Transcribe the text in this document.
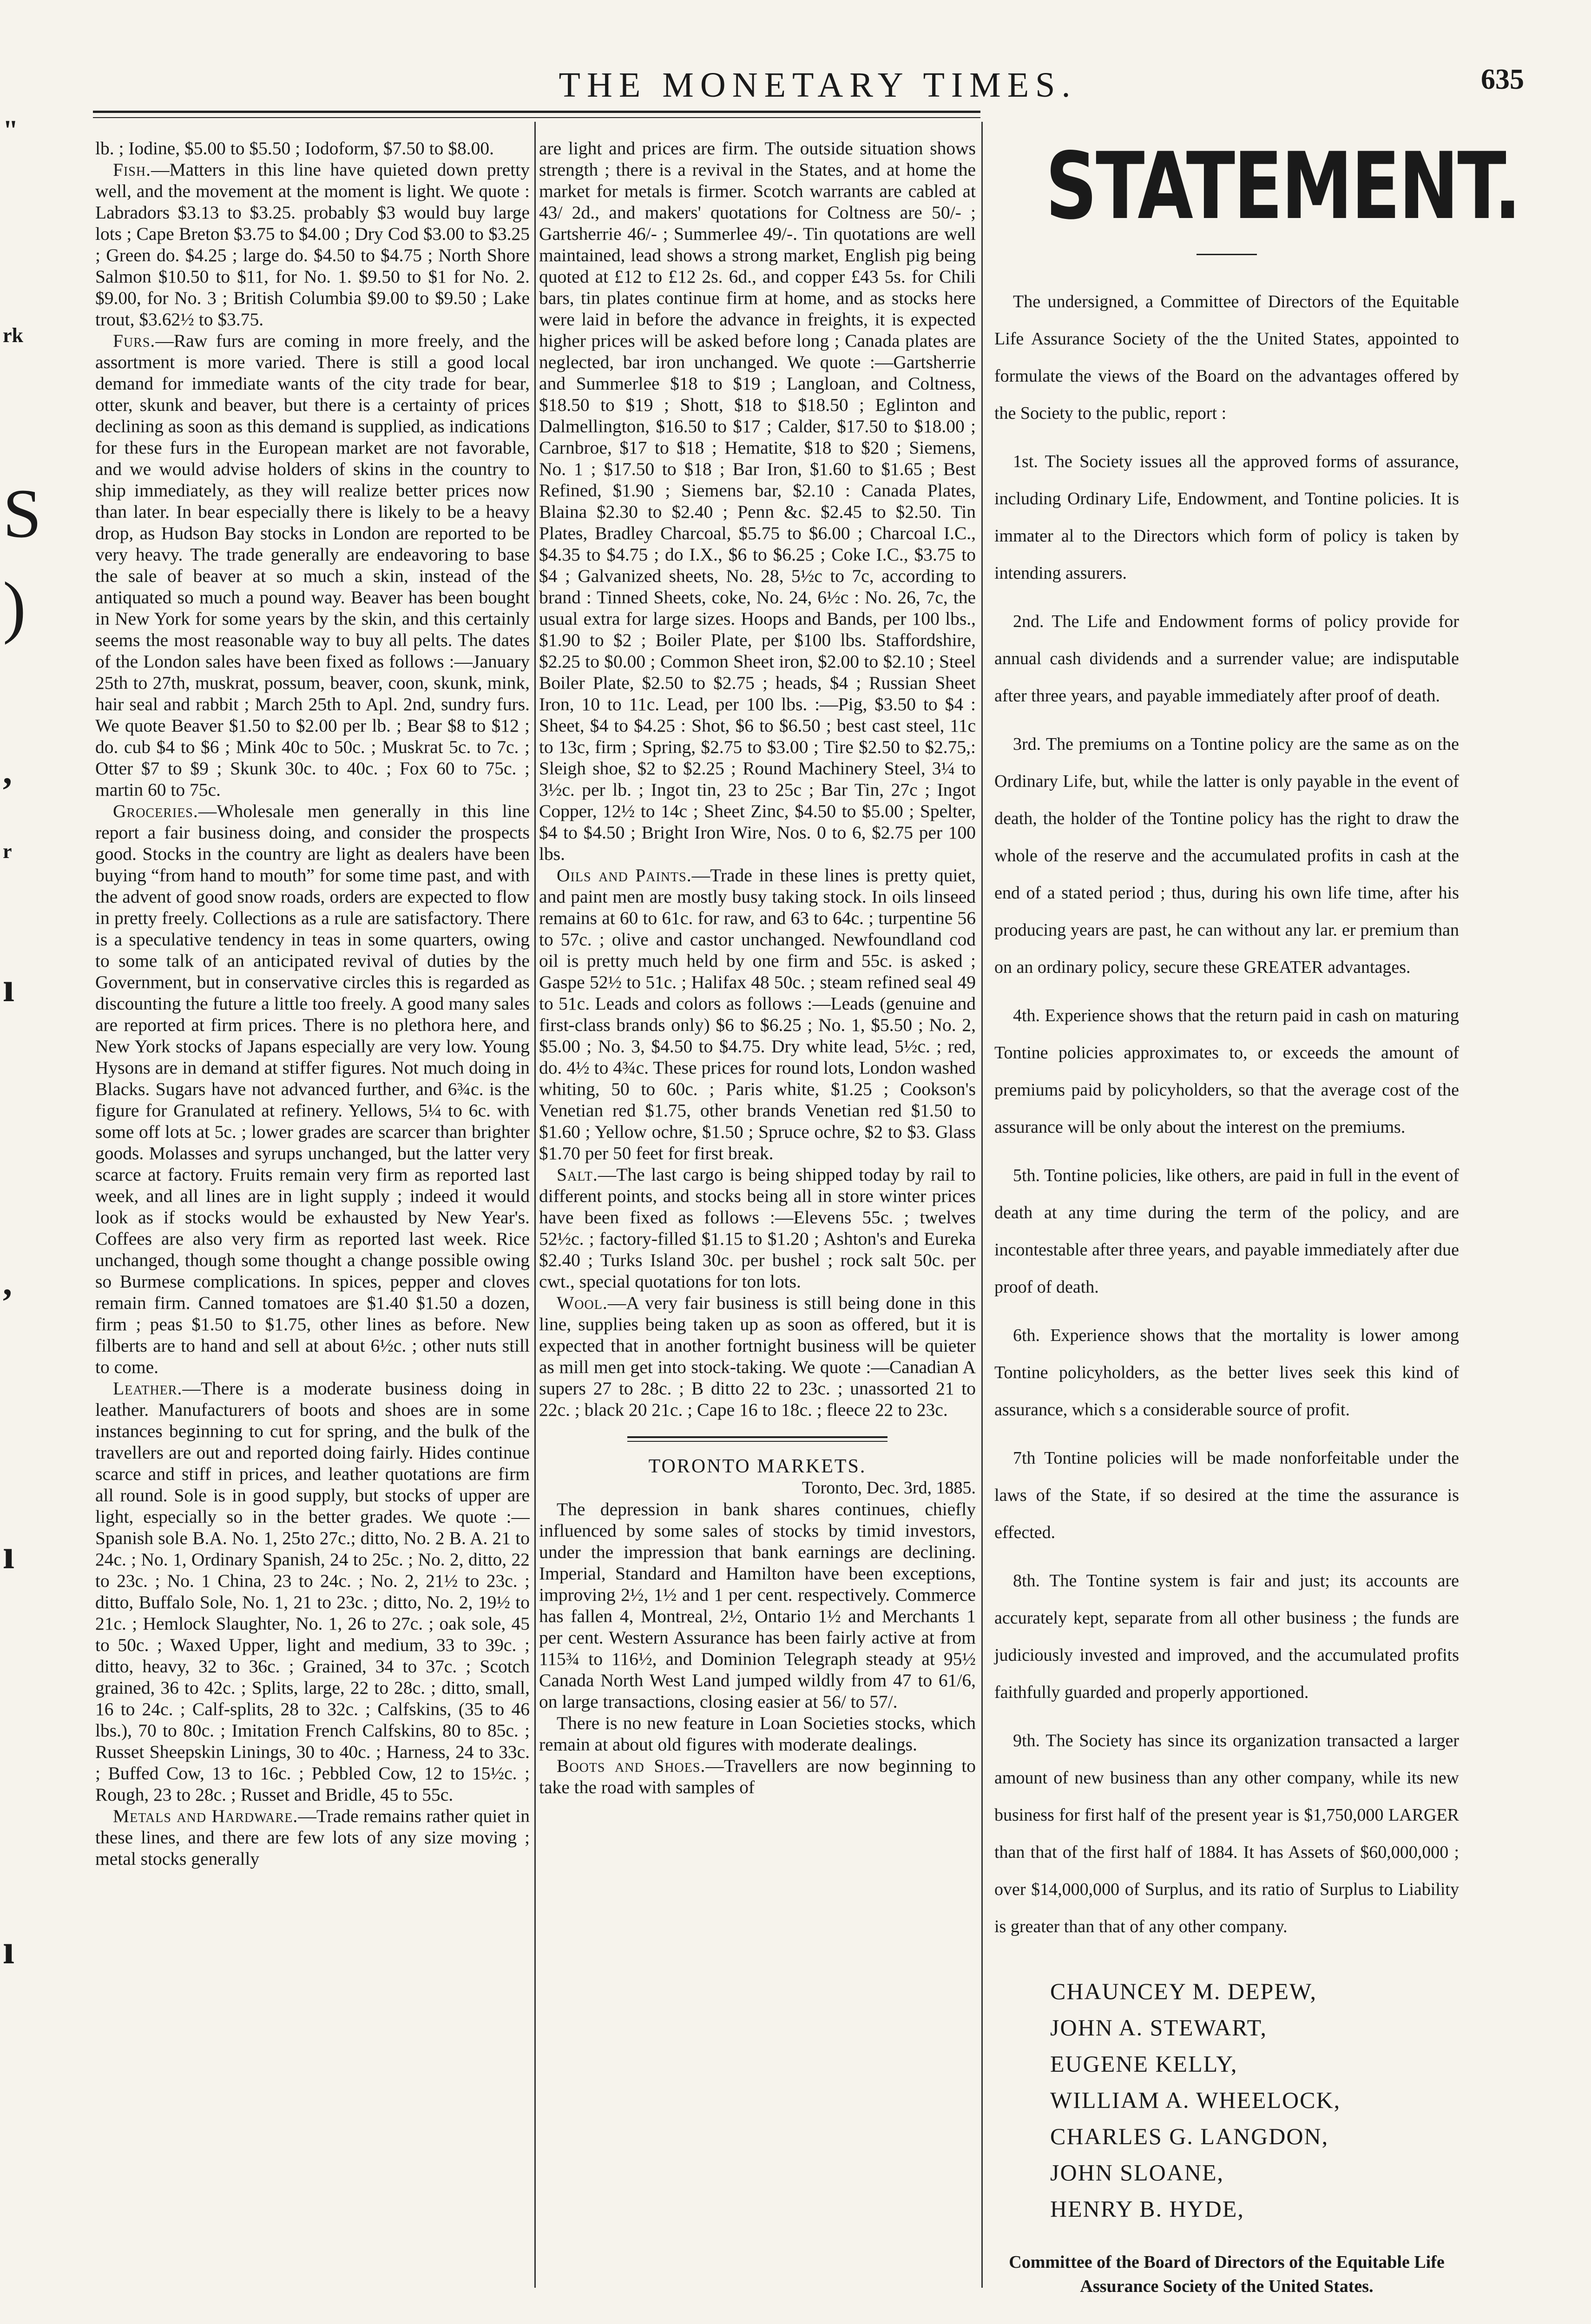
"
rk
S
)
,
r
ı
,
ı
ı
THE MONETARY TIMES.	635

lb. ; Iodine, $5.00 to $5.50 ; Iodoform, $7.50 to $8.00.

Fish.—Matters in this line have quieted down pretty well, and the movement at the moment is light. We quote : Labradors $3.13 to $3.25. probably $3 would buy large lots ; Cape Breton $3.75 to $4.00 ; Dry Cod $3.00 to $3.25 ; Green do. $4.25 ; large do. $4.50 to $4.75 ; North Shore Salmon $10.50 to $11, for No. 1. $9.50 to $1 for No. 2. $9.00, for No. 3 ; British Columbia $9.00 to $9.50 ; Lake trout, $3.62½ to $3.75.

Furs.—Raw furs are coming in more freely, and the assortment is more varied. There is still a good local demand for immediate wants of the city trade for bear, otter, skunk and beaver, but there is a certainty of prices declining as soon as this demand is supplied, as indications for these furs in the European market are not favorable, and we would advise holders of skins in the country to ship immediately, as they will realize better prices now than later. In bear especially there is likely to be a heavy drop, as Hudson Bay stocks in London are reported to be very heavy. The trade generally are endeavoring to base the sale of beaver at so much a skin, instead of the antiquated so much a pound way. Beaver has been bought in New York for some years by the skin, and this certainly seems the most reasonable way to buy all pelts. The dates of the London sales have been fixed as follows :—January 25th to 27th, muskrat, possum, beaver, coon, skunk, mink, hair seal and rabbit ; March 25th to Apl. 2nd, sundry furs. We quote Beaver $1.50 to $2.00 per lb. ; Bear $8 to $12 ; do. cub $4 to $6 ; Mink 40c to 50c. ; Muskrat 5c. to 7c. ; Otter $7 to $9 ; Skunk 30c. to 40c. ; Fox 60 to 75c. ; martin 60 to 75c.

Groceries.—Wholesale men generally in this line report a fair business doing, and consider the prospects good. Stocks in the country are light as dealers have been buying “from hand to mouth” for some time past, and with the advent of good snow roads, orders are expected to flow in pretty freely. Collections as a rule are satisfactory. There is a speculative tendency in teas in some quarters, owing to some talk of an anticipated revival of duties by the Government, but in conservative circles this is regarded as discounting the future a little too freely. A good many sales are reported at firm prices. There is no plethora here, and New York stocks of Japans especially are very low. Young Hysons are in demand at stiffer figures. Not much doing in Blacks. Sugars have not advanced further, and 6¾c. is the figure for Granulated at refinery. Yellows, 5¼ to 6c. with some off lots at 5c. ; lower grades are scarcer than brighter goods. Molasses and syrups unchanged, but the latter very scarce at factory. Fruits remain very firm as reported last week, and all lines are in light supply ; indeed it would look as if stocks would be exhausted by New Year's. Coffees are also very firm as reported last week. Rice unchanged, though some thought a change possible owing so Burmese complications. In spices, pepper and cloves remain firm. Canned tomatoes are $1.40 $1.50 a dozen, firm ; peas $1.50 to $1.75, other lines as before. New filberts are to hand and sell at about 6½c. ; other nuts still to come.

Leather.—There is a moderate business doing in leather. Manufacturers of boots and shoes are in some instances beginning to cut for spring, and the bulk of the travellers are out and reported doing fairly. Hides continue scarce and stiff in prices, and leather quotations are firm all round. Sole is in good supply, but stocks of upper are light, especially so in the better grades. We quote :—Spanish sole B.A. No. 1, 25to 27c.; ditto, No. 2 B. A. 21 to 24c. ; No. 1, Ordinary Spanish, 24 to 25c. ; No. 2, ditto, 22 to 23c. ; No. 1 China, 23 to 24c. ; No. 2, 21½ to 23c. ; ditto, Buffalo Sole, No. 1, 21 to 23c. ; ditto, No. 2, 19½ to 21c. ; Hemlock Slaughter, No. 1, 26 to 27c. ; oak sole, 45 to 50c. ; Waxed Upper, light and medium, 33 to 39c. ; ditto, heavy, 32 to 36c. ; Grained, 34 to 37c. ; Scotch grained, 36 to 42c. ; Splits, large, 22 to 28c. ; ditto, small, 16 to 24c. ; Calf-splits, 28 to 32c. ; Calfskins, (35 to 46 lbs.), 70 to 80c. ; Imitation French Calfskins, 80 to 85c. ; Russet Sheepskin Linings, 30 to 40c. ; Harness, 24 to 33c. ; Buffed Cow, 13 to 16c. ; Pebbled Cow, 12 to 15½c. ; Rough, 23 to 28c. ; Russet and Bridle, 45 to 55c.

Metals and Hardware.—Trade remains rather quiet in these lines, and there are few lots of any size moving ; metal stocks generally

are light and prices are firm. The outside situation shows strength ; there is a revival in the States, and at home the market for metals is firmer. Scotch warrants are cabled at 43/ 2d., and makers' quotations for Coltness are 50/- ; Gartsherrie 46/- ; Summerlee 49/-. Tin quotations are well maintained, lead shows a strong market, English pig being quoted at £12 to £12 2s. 6d., and copper £43 5s. for Chili bars, tin plates continue firm at home, and as stocks here were laid in before the advance in freights, it is expected higher prices will be asked before long ; Canada plates are neglected, bar iron unchanged. We quote :—Gartsherrie and Summerlee $18 to $19 ; Langloan, and Coltness, $18.50 to $19 ; Shott, $18 to $18.50 ; Eglinton and Dalmellington, $16.50 to $17 ; Calder, $17.50 to $18.00 ; Carnbroe, $17 to $18 ; Hematite, $18 to $20 ; Siemens, No. 1 ; $17.50 to $18 ; Bar Iron, $1.60 to $1.65 ; Best Refined, $1.90 ; Siemens bar, $2.10 : Canada Plates, Blaina $2.30 to $2.40 ; Penn &c. $2.45 to $2.50. Tin Plates, Bradley Charcoal, $5.75 to $6.00 ; Charcoal I.C., $4.35 to $4.75 ; do I.X., $6 to $6.25 ; Coke I.C., $3.75 to $4 ; Galvanized sheets, No. 28, 5½c to 7c, according to brand : Tinned Sheets, coke, No. 24, 6½c : No. 26, 7c, the usual extra for large sizes. Hoops and Bands, per 100 lbs., $1.90 to $2 ; Boiler Plate, per $100 lbs. Staffordshire, $2.25 to $0.00 ; Common Sheet iron, $2.00 to $2.10 ; Steel Boiler Plate, $2.50 to $2.75 ; heads, $4 ; Russian Sheet Iron, 10 to 11c. Lead, per 100 lbs. :—Pig, $3.50 to $4 : Sheet, $4 to $4.25 : Shot, $6 to $6.50 ; best cast steel, 11c to 13c, firm ; Spring, $2.75 to $3.00 ; Tire $2.50 to $2.75,: Sleigh shoe, $2 to $2.25 ; Round Machinery Steel, 3¼ to 3½c. per lb. ; Ingot tin, 23 to 25c ; Bar Tin, 27c ; Ingot Copper, 12½ to 14c ; Sheet Zinc, $4.50 to $5.00 ; Spelter, $4 to $4.50 ; Bright Iron Wire, Nos. 0 to 6, $2.75 per 100 lbs.

Oils and Paints.—Trade in these lines is pretty quiet, and paint men are mostly busy taking stock. In oils linseed remains at 60 to 61c. for raw, and 63 to 64c. ; turpentine 56 to 57c. ; olive and castor unchanged. Newfoundland cod oil is pretty much held by one firm and 55c. is asked ; Gaspe 52½ to 51c. ; Halifax 48 50c. ; steam refined seal 49 to 51c. Leads and colors as follows :—Leads (genuine and first-class brands only) $6 to $6.25 ; No. 1, $5.50 ; No. 2, $5.00 ; No. 3, $4.50 to $4.75. Dry white lead, 5½c. ; red, do. 4½ to 4¾c. These prices for round lots, London washed whiting, 50 to 60c. ; Paris white, $1.25 ; Cookson's Venetian red $1.75, other brands Venetian red $1.50 to $1.60 ; Yellow ochre, $1.50 ; Spruce ochre, $2 to $3. Glass $1.70 per 50 feet for first break.

Salt.—The last cargo is being shipped today by rail to different points, and stocks being all in store winter prices have been fixed as follows :—Elevens 55c. ; twelves 52½c. ; factory-filled $1.15 to $1.20 ; Ashton's and Eureka $2.40 ; Turks Island 30c. per bushel ; rock salt 50c. per cwt., special quotations for ton lots.

Wool.—A very fair business is still being done in this line, supplies being taken up as soon as offered, but it is expected that in another fortnight business will be quieter as mill men get into stock-taking. We quote :—Canadian A supers 27 to 28c. ; B ditto 22 to 23c. ; unassorted 21 to 22c. ; black 20 21c. ; Cape 16 to 18c. ; fleece 22 to 23c.

TORONTO MARKETS.

Toronto, Dec. 3rd, 1885.

The depression in bank shares continues, chiefly influenced by some sales of stocks by timid investors, under the impression that bank earnings are declining. Imperial, Standard and Hamilton have been exceptions, improving 2½, 1½ and 1 per cent. respectively. Commerce has fallen 4, Montreal, 2½, Ontario 1½ and Merchants 1 per cent. Western Assurance has been fairly active at from 115¾ to 116½, and Dominion Telegraph steady at 95½ Canada North West Land jumped wildly from 47 to 61/6, on large transactions, closing easier at 56/ to 57/.

There is no new feature in Loan Societies stocks, which remain at about old figures with moderate dealings.

Boots and Shoes.—Travellers are now beginning to take the road with samples of

STATEMENT.

The undersigned, a Committee of Directors of the Equitable Life Assurance Society of the the United States, appointed to formulate the views of the Board on the advantages offered by the Society to the public, report :

1st. The Society issues all the approved forms of assurance, including Ordinary Life, Endowment, and Tontine policies. It is immater al to the Directors which form of policy is taken by intending assurers.

2nd. The Life and Endowment forms of policy provide for annual cash dividends and a surrender value; are indisputable after three years, and payable immediately after proof of death.

3rd. The premiums on a Tontine policy are the same as on the Ordinary Life, but, while the latter is only payable in the event of death, the holder of the Tontine policy has the right to draw the whole of the reserve and the accumulated profits in cash at the end of a stated period ; thus, during his own life time, after his producing years are past, he can without any lar. er premium than on an ordinary policy, secure these GREATER advantages.

4th. Experience shows that the return paid in cash on maturing Tontine policies approximates to, or exceeds the amount of premiums paid by policyholders, so that the average cost of the assurance will be only about the interest on the premiums.

5th. Tontine policies, like others, are paid in full in the event of death at any time during the term of the policy, and are incontestable after three years, and payable immediately after due proof of death.

6th. Experience shows that the mortality is lower among Tontine policyholders, as the better lives seek this kind of assurance, which s a considerable source of profit.

7th Tontine policies will be made nonforfeitable under the laws of the State, if so desired at the time the assurance is effected.

8th. The Tontine system is fair and just; its accounts are accurately kept, separate from all other business ; the funds are judiciously invested and improved, and the accumulated profits faithfully guarded and properly apportioned.

9th. The Society has since its organization transacted a larger amount of new business than any other company, while its new business for first half of the present year is $1,750,000 LARGER than that of the first half of 1884. It has Assets of $60,000,000 ; over $14,000,000 of Surplus, and its ratio of Surplus to Liability is greater than that of any other company.

CHAUNCEY M. DEPEW,
JOHN A. STEWART,
EUGENE KELLY,
WILLIAM A. WHEELOCK,
CHARLES G. LANGDON,
JOHN SLOANE,
HENRY B. HYDE,
Committee of the Board of Directors of the Equitable Life Assurance Society of the United States.
